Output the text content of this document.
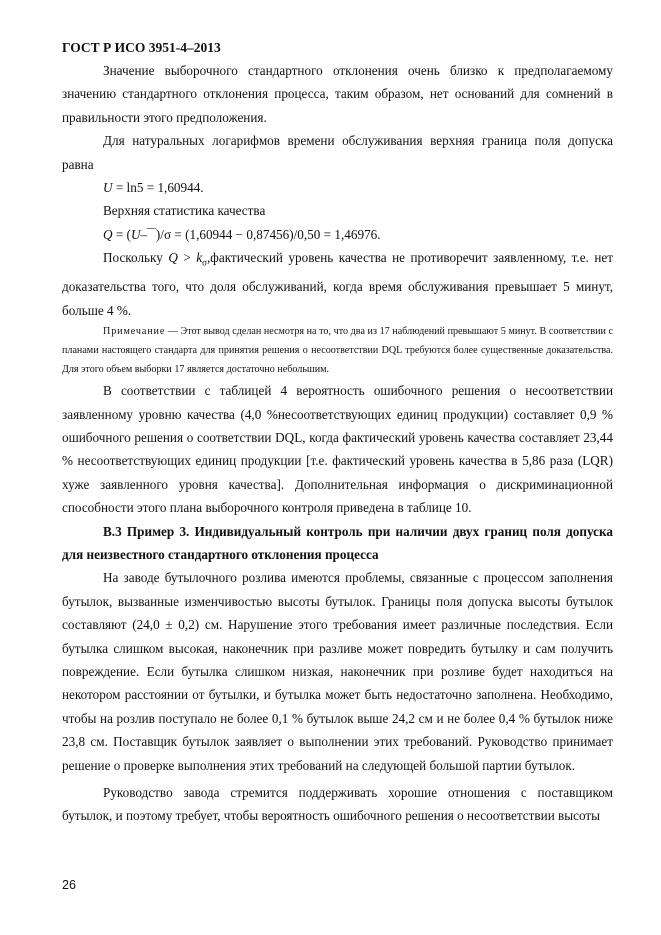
ГОСТ Р ИСО 3951-4–2013

Значение выборочного стандартного отклонения очень близко к предполагаемому значению стандартного отклонения процесса, таким образом, нет оснований для сомнений в правильности этого предположения.

Для натуральных логарифмов времени обслуживания верхняя граница поля допуска равна

U = ln5 = 1,60944.

Верхняя статистика качества

Q = (U–‾‾)/σ = (1,60944 − 0,87456)/0,50 = 1,46976.

Поскольку $Q > k_\sigma,фактический$ уровень качества не противоречит заявленному, т.е. нет доказательства того, что доля обслуживаний, когда время обслуживания превышает 5 минут, больше 4 %.

Примечание — Этот вывод сделан несмотря на то, что два из 17 наблюдений превышают 5 минут. В соответствии с планами настоящего стандарта для принятия решения о несоответствии DQL требуются более существенные доказательства. Для этого объем выборки 17 является достаточно небольшим.

В соответствии с таблицей 4 вероятность ошибочного решения о несоответствии заявленному уровню качества (4,0 %несоответствующих единиц продукции) составляет 0,9 % ошибочного решения о соответствии DQL, когда фактический уровень качества составляет 23,44 % несоответствующих единиц продукции [т.е. фактический уровень качества в 5,86 раза (LQR) хуже заявленного уровня качества]. Дополнительная информация о дискриминационной способности этого плана выборочного контроля приведена в таблице 10.

В.3 Пример 3. Индивидуальный контроль при наличии двух границ поля допуска для неизвестного стандартного отклонения процесса

На заводе бутылочного розлива имеются проблемы, связанные с процессом заполнения бутылок, вызванные изменчивостью высоты бутылок. Границы поля допуска высоты бутылок составляют (24,0 ± 0,2) см. Нарушение этого требования имеет различные последствия. Если бутылка слишком высокая, наконечник при разливе может повредить бутылку и сам получить повреждение. Если бутылка слишком низкая, наконечник при розливе будет находиться на некотором расстоянии от бутылки, и бутылка может быть недостаточно заполнена. Необходимо, чтобы на розлив поступало не более 0,1 % бутылок выше 24,2 см и не более 0,4 % бутылок ниже 23,8 см. Поставщик бутылок заявляет о выполнении этих требований. Руководство принимает решение о проверке выполнения этих требований на следующей большой партии бутылок.

Руководство завода стремится поддерживать хорошие отношения с поставщиком бутылок, и поэтому требует, чтобы вероятность ошибочного решения о несоответствии высоты

26
